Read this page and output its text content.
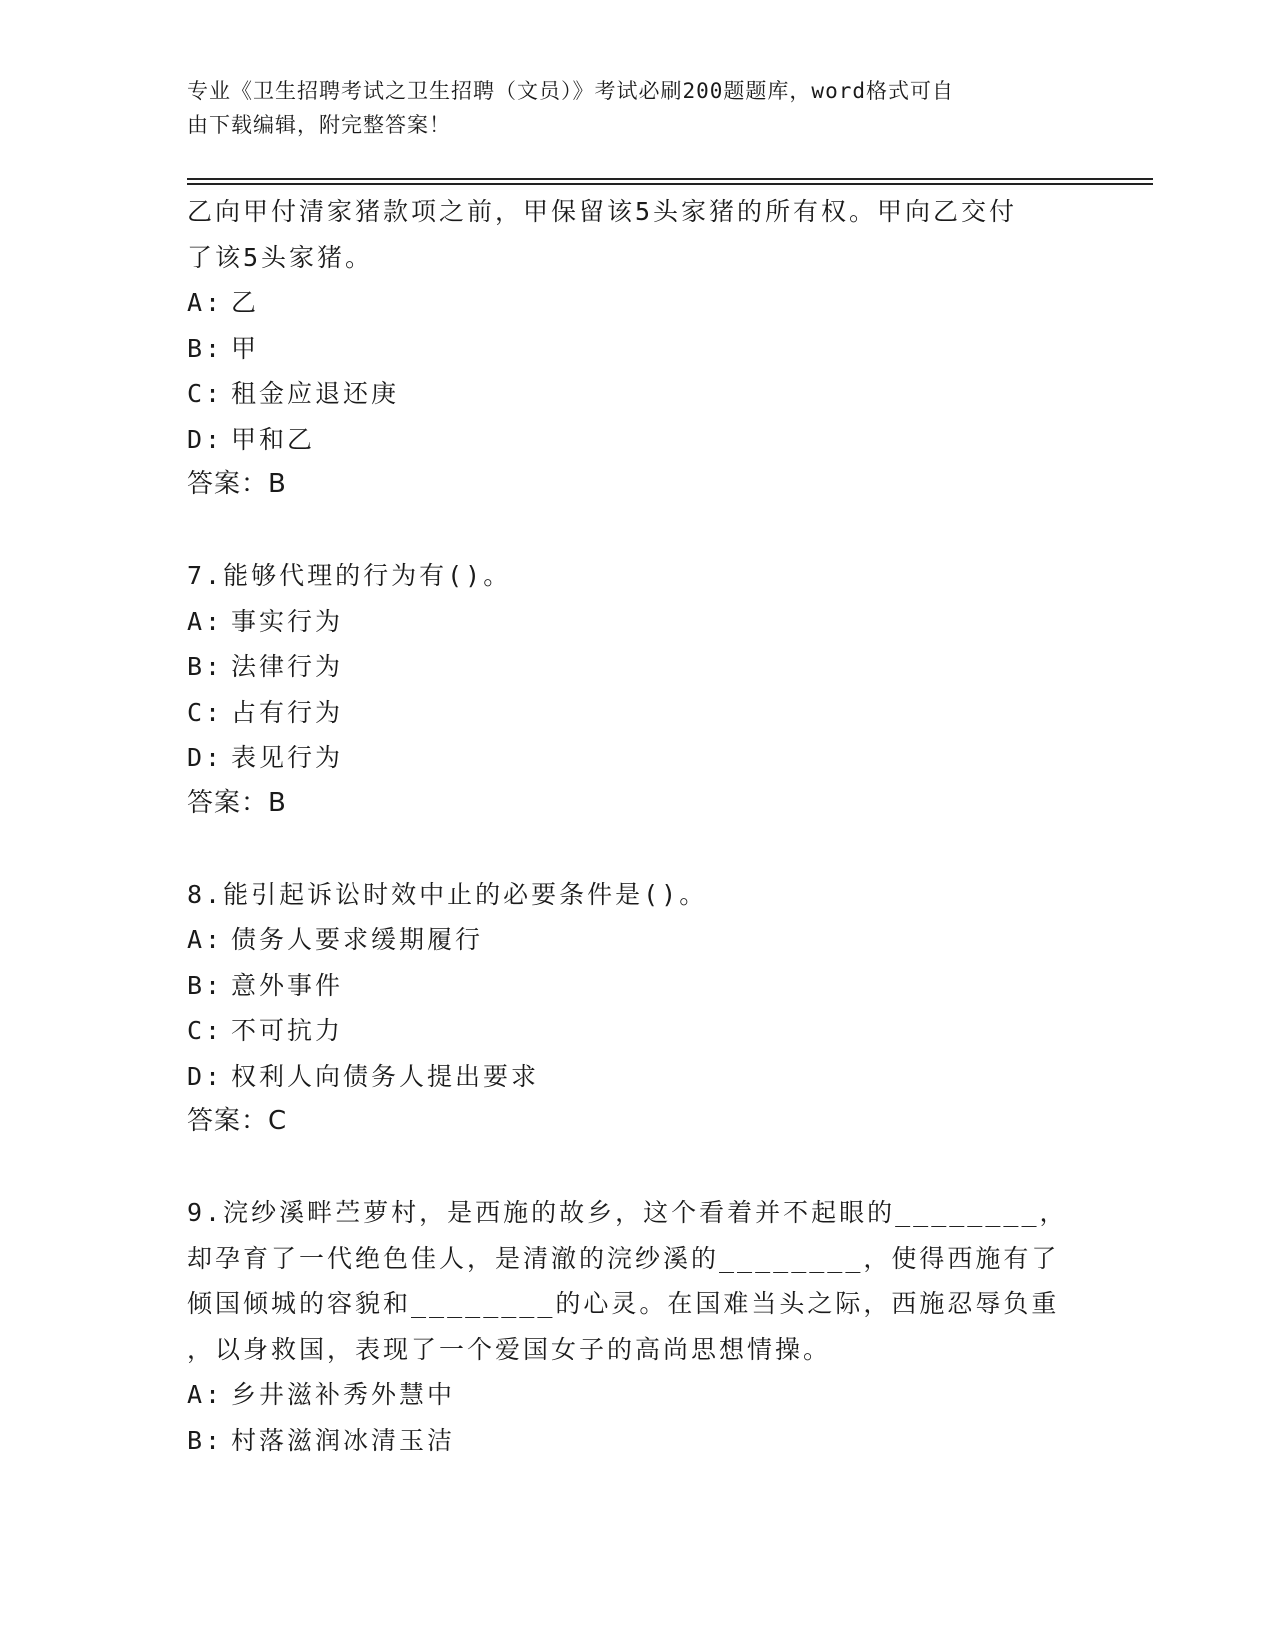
专业《卫生招聘考试之卫生招聘（文员）》考试必刷200题题库，word格式可自
由下载编辑，附完整答案！
乙向甲付清家猪款项之前，甲保留该5头家猪的所有权。甲向乙交付
了该5头家猪。
A: 乙
B: 甲
C: 租金应退还庚
D: 甲和乙
答案：B
7.能够代理的行为有()。
A: 事实行为
B: 法律行为
C: 占有行为
D: 表见行为
答案：B
8.能引起诉讼时效中止的必要条件是()。
A: 债务人要求缓期履行
B: 意外事件
C: 不可抗力
D: 权利人向债务人提出要求
答案：C
9.浣纱溪畔苎萝村，是西施的故乡，这个看着并不起眼的________，
却孕育了一代绝色佳人，是清澈的浣纱溪的________，使得西施有了
倾国倾城的容貌和________的心灵。在国难当头之际，西施忍辱负重
，以身救国，表现了一个爱国女子的高尚思想情操。
A: 乡井滋补秀外慧中
B: 村落滋润冰清玉洁
